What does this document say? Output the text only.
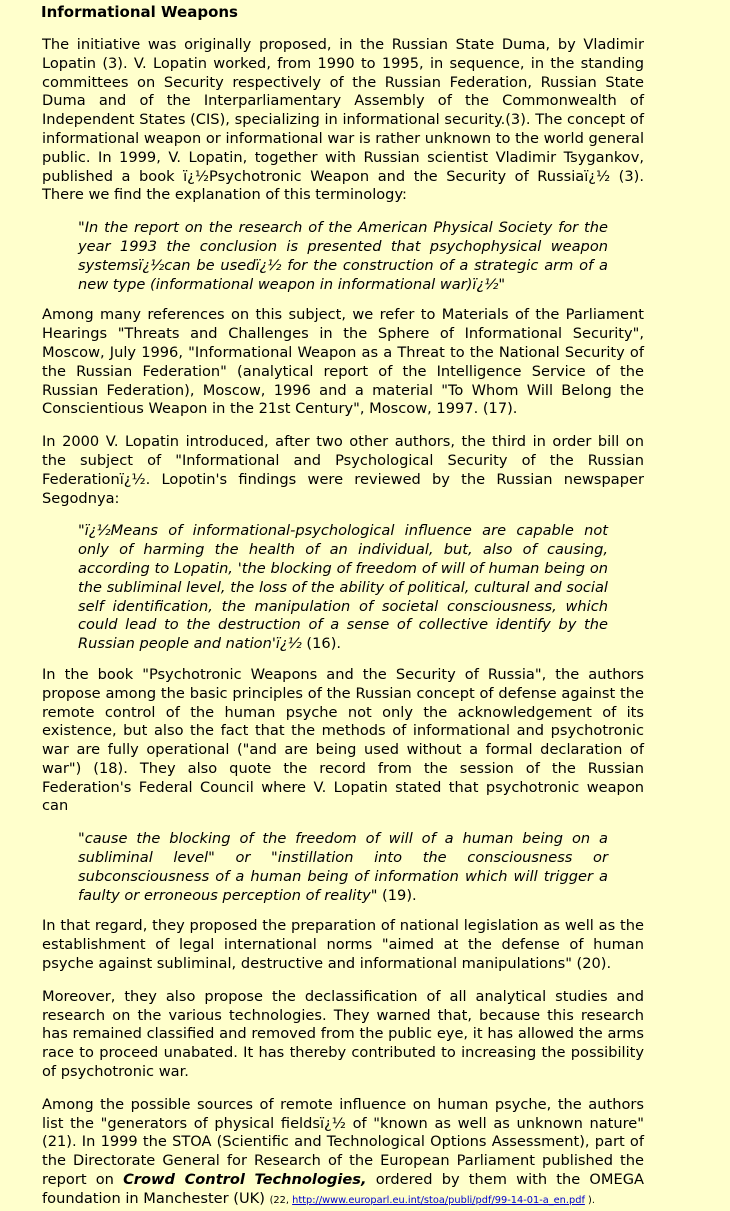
Informational Weapons

The initiative was originally proposed, in the Russian State Duma, by Vladimir Lopatin (3). V. Lopatin worked, from 1990 to 1995, in sequence, in the standing committees on Security respectively of the Russian Federation, Russian State Duma and of the Interparliamentary Assembly of the Commonwealth of Independent States (CIS), specializing in informational security.(3). The concept of informational weapon or informational war is rather unknown to the world general public. In 1999, V. Lopatin, together with Russian scientist Vladimir Tsygankov, published a book ï¿½Psychotronic Weapon and the Security of Russiaï¿½ (3). There we find the explanation of this terminology:

"In the report on the research of the American Physical Society for the year 1993 the conclusion is presented that psychophysical weapon systemsï¿½can be usedï¿½ for the construction of a strategic arm of a new type (informational weapon in informational war)ï¿½"

Among many references on this subject, we refer to Materials of the Parliament Hearings "Threats and Challenges in the Sphere of Informational Security", Moscow, July 1996, "Informational Weapon as a Threat to the National Security of the Russian Federation" (analytical report of the Intelligence Service of the Russian Federation), Moscow, 1996 and a material "To Whom Will Belong the Conscientious Weapon in the 21st Century", Moscow, 1997. (17).

In 2000 V. Lopatin introduced, after two other authors, the third in order bill on the subject of "Informational and Psychological Security of the Russian Federationï¿½. Lopotin's findings were reviewed by the Russian newspaper Segodnya:

"ï¿½Means of informational-psychological influence are capable not only of harming the health of an individual, but, also of causing, according to Lopatin, 'the blocking of freedom of will of human being on the subliminal level, the loss of the ability of political, cultural and social self identification, the manipulation of societal consciousness, which could lead to the destruction of a sense of collective identify by the Russian people and nation'ï¿½ (16).

In the book "Psychotronic Weapons and the Security of Russia", the authors propose among the basic principles of the Russian concept of defense against the remote control of the human psyche not only the acknowledgement of its existence, but also the fact that the methods of informational and psychotronic war are fully operational ("and are being used without a formal declaration of war") (18). They also quote the record from the session of the Russian Federation's Federal Council where V. Lopatin stated that psychotronic weapon can

"cause the blocking of the freedom of will of a human being on a subliminal level" or "instillation into the consciousness or subconsciousness of a human being of information which will trigger a faulty or erroneous perception of reality" (19).

In that regard, they proposed the preparation of national legislation as well as the establishment of legal international norms "aimed at the defense of human psyche against subliminal, destructive and informational manipulations" (20).

Moreover, they also propose the declassification of all analytical studies and research on the various technologies. They warned that, because this research has remained classified and removed from the public eye, it has allowed the arms race to proceed unabated. It has thereby contributed to increasing the possibility of psychotronic war.

Among the possible sources of remote influence on human psyche, the authors list the "generators of physical fieldsï¿½ of "known as well as unknown nature" (21). In 1999 the STOA (Scientific and Technological Options Assessment), part of the Directorate General for Research of the European Parliament published the report on Crowd Control Technologies, ordered by them with the OMEGA foundation in Manchester (UK) (22, http://www.europarl.eu.int/stoa/publi/pdf/99-14-01-a_en.pdf ).
